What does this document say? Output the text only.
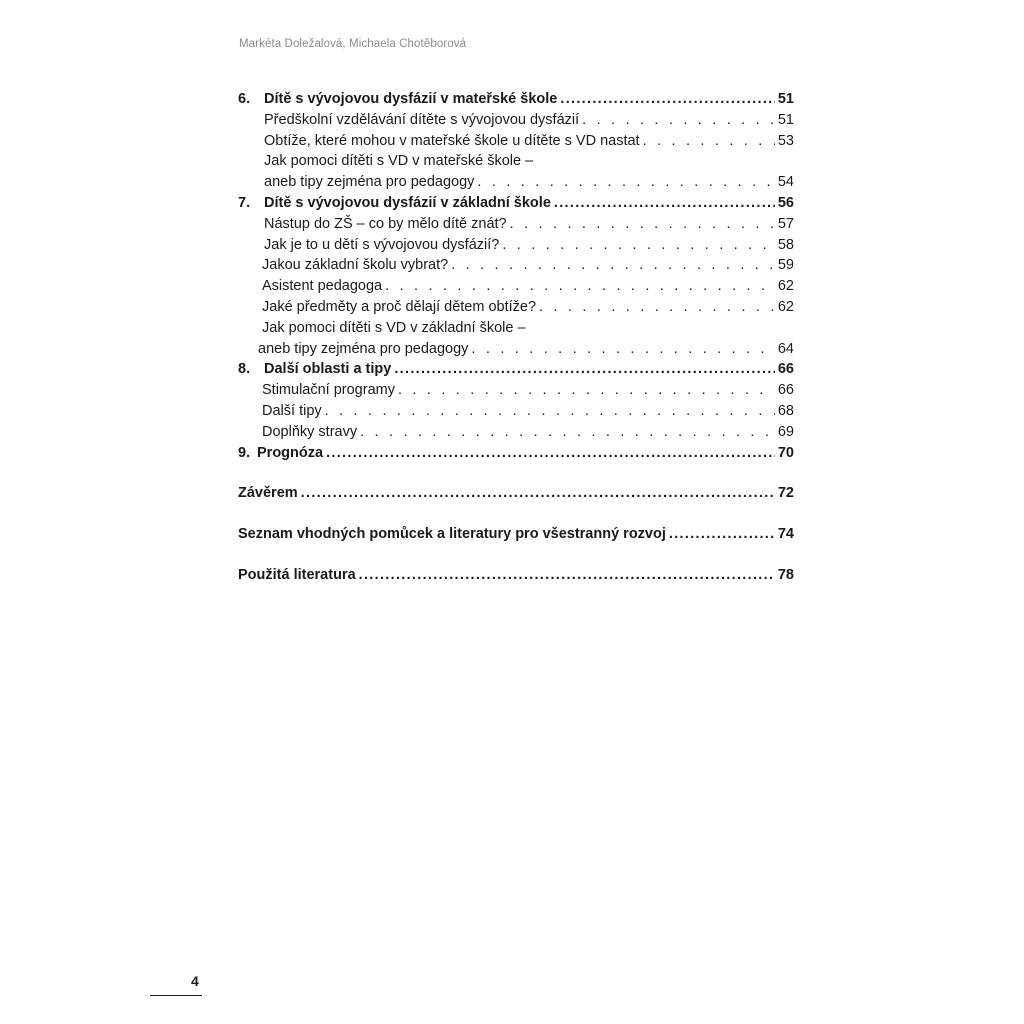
Markéta Doležalová, Michaela Chotěborová
6. Dítě s vývojovou dysfázií v mateřské škole .....	51
Předškolní vzdělávání dítěte s vývojovou dysfázií . . .	51
Obtíže, které mohou v mateřské škole u dítěte s VD nastat . . .	53
Jak pomoci dítěti s VD v mateřské škole –
aneb tipy zejména pro pedagogy . . .	54
7. Dítě s vývojovou dysfázií v základní škole .....	56
Nástup do ZŠ – co by mělo dítě znát? . . .	57
Jak je to u dětí s vývojovou dysfázií? . . .	58
Jakou základní školu vybrat? . . .	59
Asistent pedagoga . . .	62
Jaké předměty a proč dělají dětem obtíže? . . .	62
Jak pomoci dítěti s VD v základní škole –
aneb tipy zejména pro pedagogy . . .	64
8. Další oblasti a tipy .....	66
Stimulační programy . . .	66
Další tipy . . .	68
Doplňky stravy . . .	69
9. Prognóza .....	70
Závěrem .....	72
Seznam vhodných pomůcek a literatury pro všestranný rozvoj .....	74
Použitá literatura .....	78
4
